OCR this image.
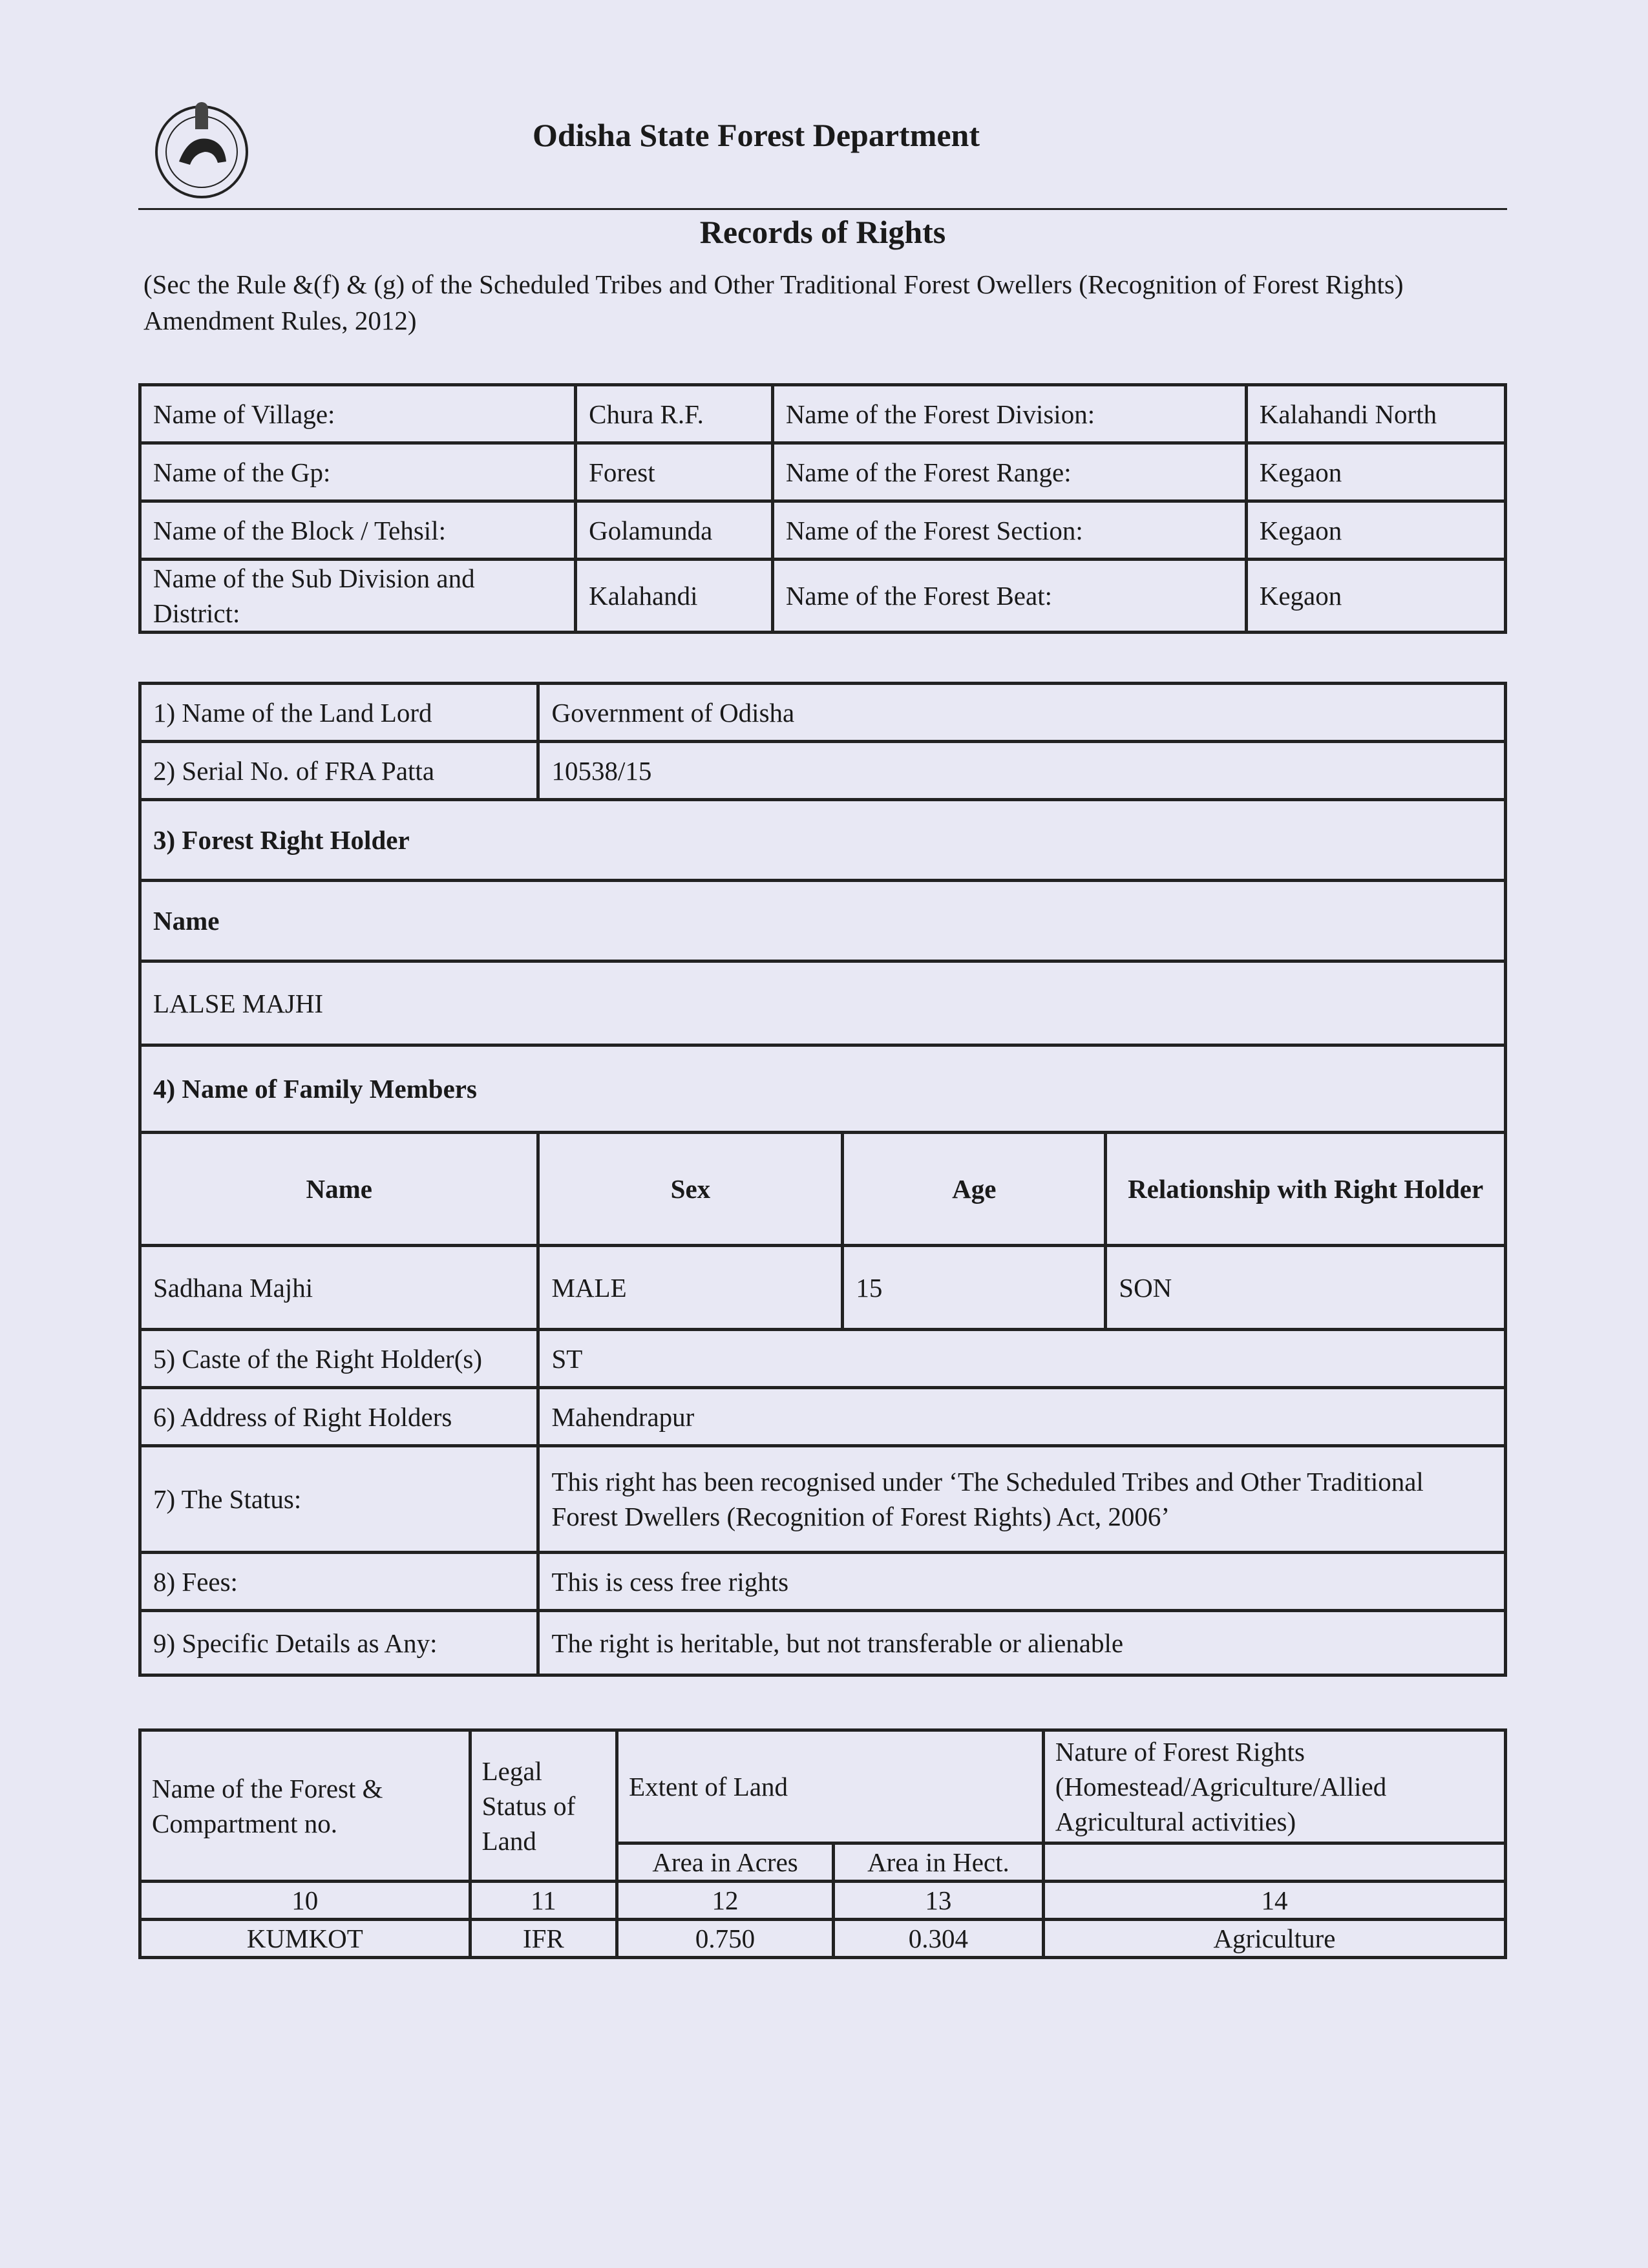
Odisha State Forest Department
Records of Rights
(Sec the Rule &(f) & (g) of the Scheduled Tribes and Other Traditional Forest Owellers (Recognition of Forest Rights) Amendment Rules, 2012)
Name of Village:	Chura R.F.	Name of the Forest Division:	Kalahandi North
Name of the Gp:	Forest	Name of the Forest Range:	Kegaon
Name of the Block / Tehsil:	Golamunda	Name of the Forest Section:	Kegaon
Name of the Sub Division and District:	Kalahandi	Name of the Forest Beat:	Kegaon
1) Name of the Land Lord	Government of Odisha		
2) Serial No. of FRA Patta	10538/15		
3) Forest Right Holder			
Name			
LALSE MAJHI			
4) Name of Family Members			
Name	Sex	Age	Relationship with Right Holder
Sadhana Majhi	MALE	15	SON
5) Caste of the Right Holder(s)	ST		
6) Address of Right Holders	Mahendrapur		
7) The Status:	This right has been recognised under ‘The Scheduled Tribes and Other Traditional Forest Dwellers (Recognition of Forest Rights) Act, 2006’		
8) Fees:	This is cess free rights		
9) Specific Details as Any:	The right is heritable, but not transferable or alienable		
Name of the Forest & Compartment no.	Legal Status of Land	Extent of Land		Nature of Forest Rights (Homestead/Agriculture/Allied Agricultural activities)
		Area in Acres	Area in Hect.	
10	11	12	13	14
KUMKOT	IFR	0.750	0.304	Agriculture
